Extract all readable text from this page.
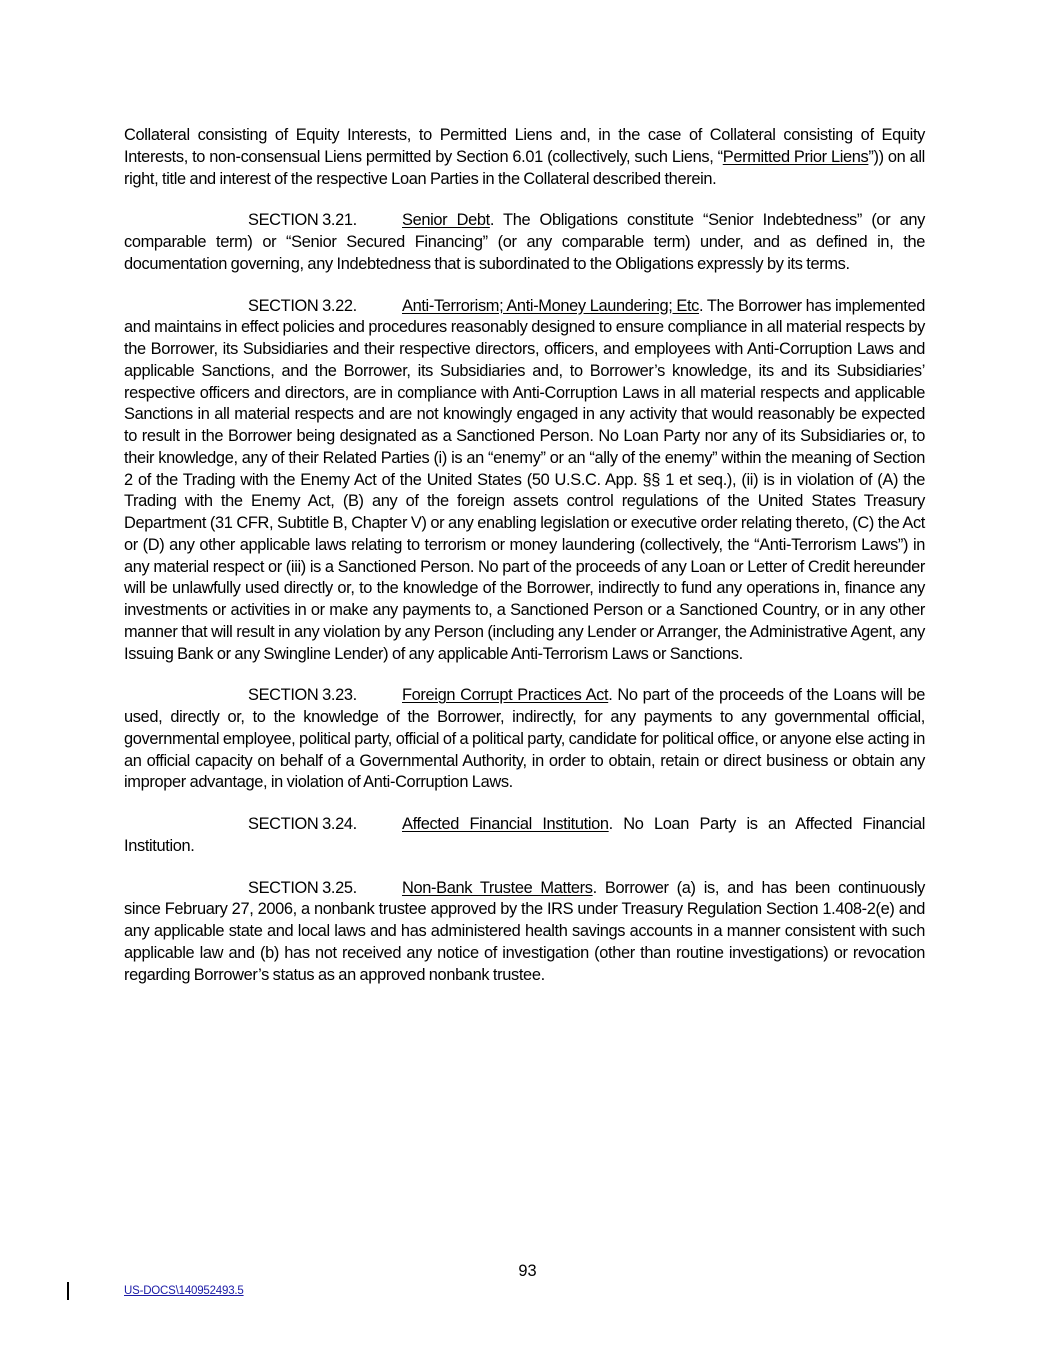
Collateral consisting of Equity Interests, to Permitted Liens and, in the case of Collateral consisting of Equity Interests, to non-consensual Liens permitted by Section 6.01 (collectively, such Liens, “Permitted Prior Liens”)) on all right, title and interest of the respective Loan Parties in the Collateral described therein.

SECTION 3.21.	Senior Debt. The Obligations constitute “Senior Indebtedness” (or any comparable term) or “Senior Secured Financing” (or any comparable term) under, and as defined in, the documentation governing, any Indebtedness that is subordinated to the Obligations expressly by its terms.

SECTION 3.22.	Anti-Terrorism; Anti-Money Laundering; Etc. The Borrower has implemented and maintains in effect policies and procedures reasonably designed to ensure compliance in all material respects by the Borrower, its Subsidiaries and their respective directors, officers, and employees with Anti-Corruption Laws and applicable Sanctions, and the Borrower, its Subsidiaries and, to Borrower’s knowledge, its and its Subsidiaries’ respective officers and directors, are in compliance with Anti-Corruption Laws in all material respects and applicable Sanctions in all material respects and are not knowingly engaged in any activity that would reasonably be expected to result in the Borrower being designated as a Sanctioned Person. No Loan Party nor any of its Subsidiaries or, to their knowledge, any of their Related Parties (i) is an “enemy” or an “ally of the enemy” within the meaning of Section 2 of the Trading with the Enemy Act of the United States (50 U.S.C. App. §§ 1 et seq.), (ii) is in violation of (A) the Trading with the Enemy Act, (B) any of the foreign assets control regulations of the United States Treasury Department (31 CFR, Subtitle B, Chapter V) or any enabling legislation or executive order relating thereto, (C) the Act or (D) any other applicable laws relating to terrorism or money laundering (collectively, the “Anti-Terrorism Laws”) in any material respect or (iii) is a Sanctioned Person. No part of the proceeds of any Loan or Letter of Credit hereunder will be unlawfully used directly or, to the knowledge of the Borrower, indirectly to fund any operations in, finance any investments or activities in or make any payments to, a Sanctioned Person or a Sanctioned Country, or in any other manner that will result in any violation by any Person (including any Lender or Arranger, the Administrative Agent, any Issuing Bank or any Swingline Lender) of any applicable Anti-Terrorism Laws or Sanctions.

SECTION 3.23.	Foreign Corrupt Practices Act. No part of the proceeds of the Loans will be used, directly or, to the knowledge of the Borrower, indirectly, for any payments to any governmental official, governmental employee, political party, official of a political party, candidate for political office, or anyone else acting in an official capacity on behalf of a Governmental Authority, in order to obtain, retain or direct business or obtain any improper advantage, in violation of Anti-Corruption Laws.

SECTION 3.24.	Affected Financial Institution. No Loan Party is an Affected Financial Institution.

SECTION 3.25.	Non-Bank Trustee Matters. Borrower (a) is, and has been continuously since February 27, 2006, a nonbank trustee approved by the IRS under Treasury Regulation Section 1.408-2(e) and any applicable state and local laws and has administered health savings accounts in a manner consistent with such applicable law and (b) has not received any notice of investigation (other than routine investigations) or revocation regarding Borrower’s status as an approved nonbank trustee.

93
US-DOCS\140952493.5
